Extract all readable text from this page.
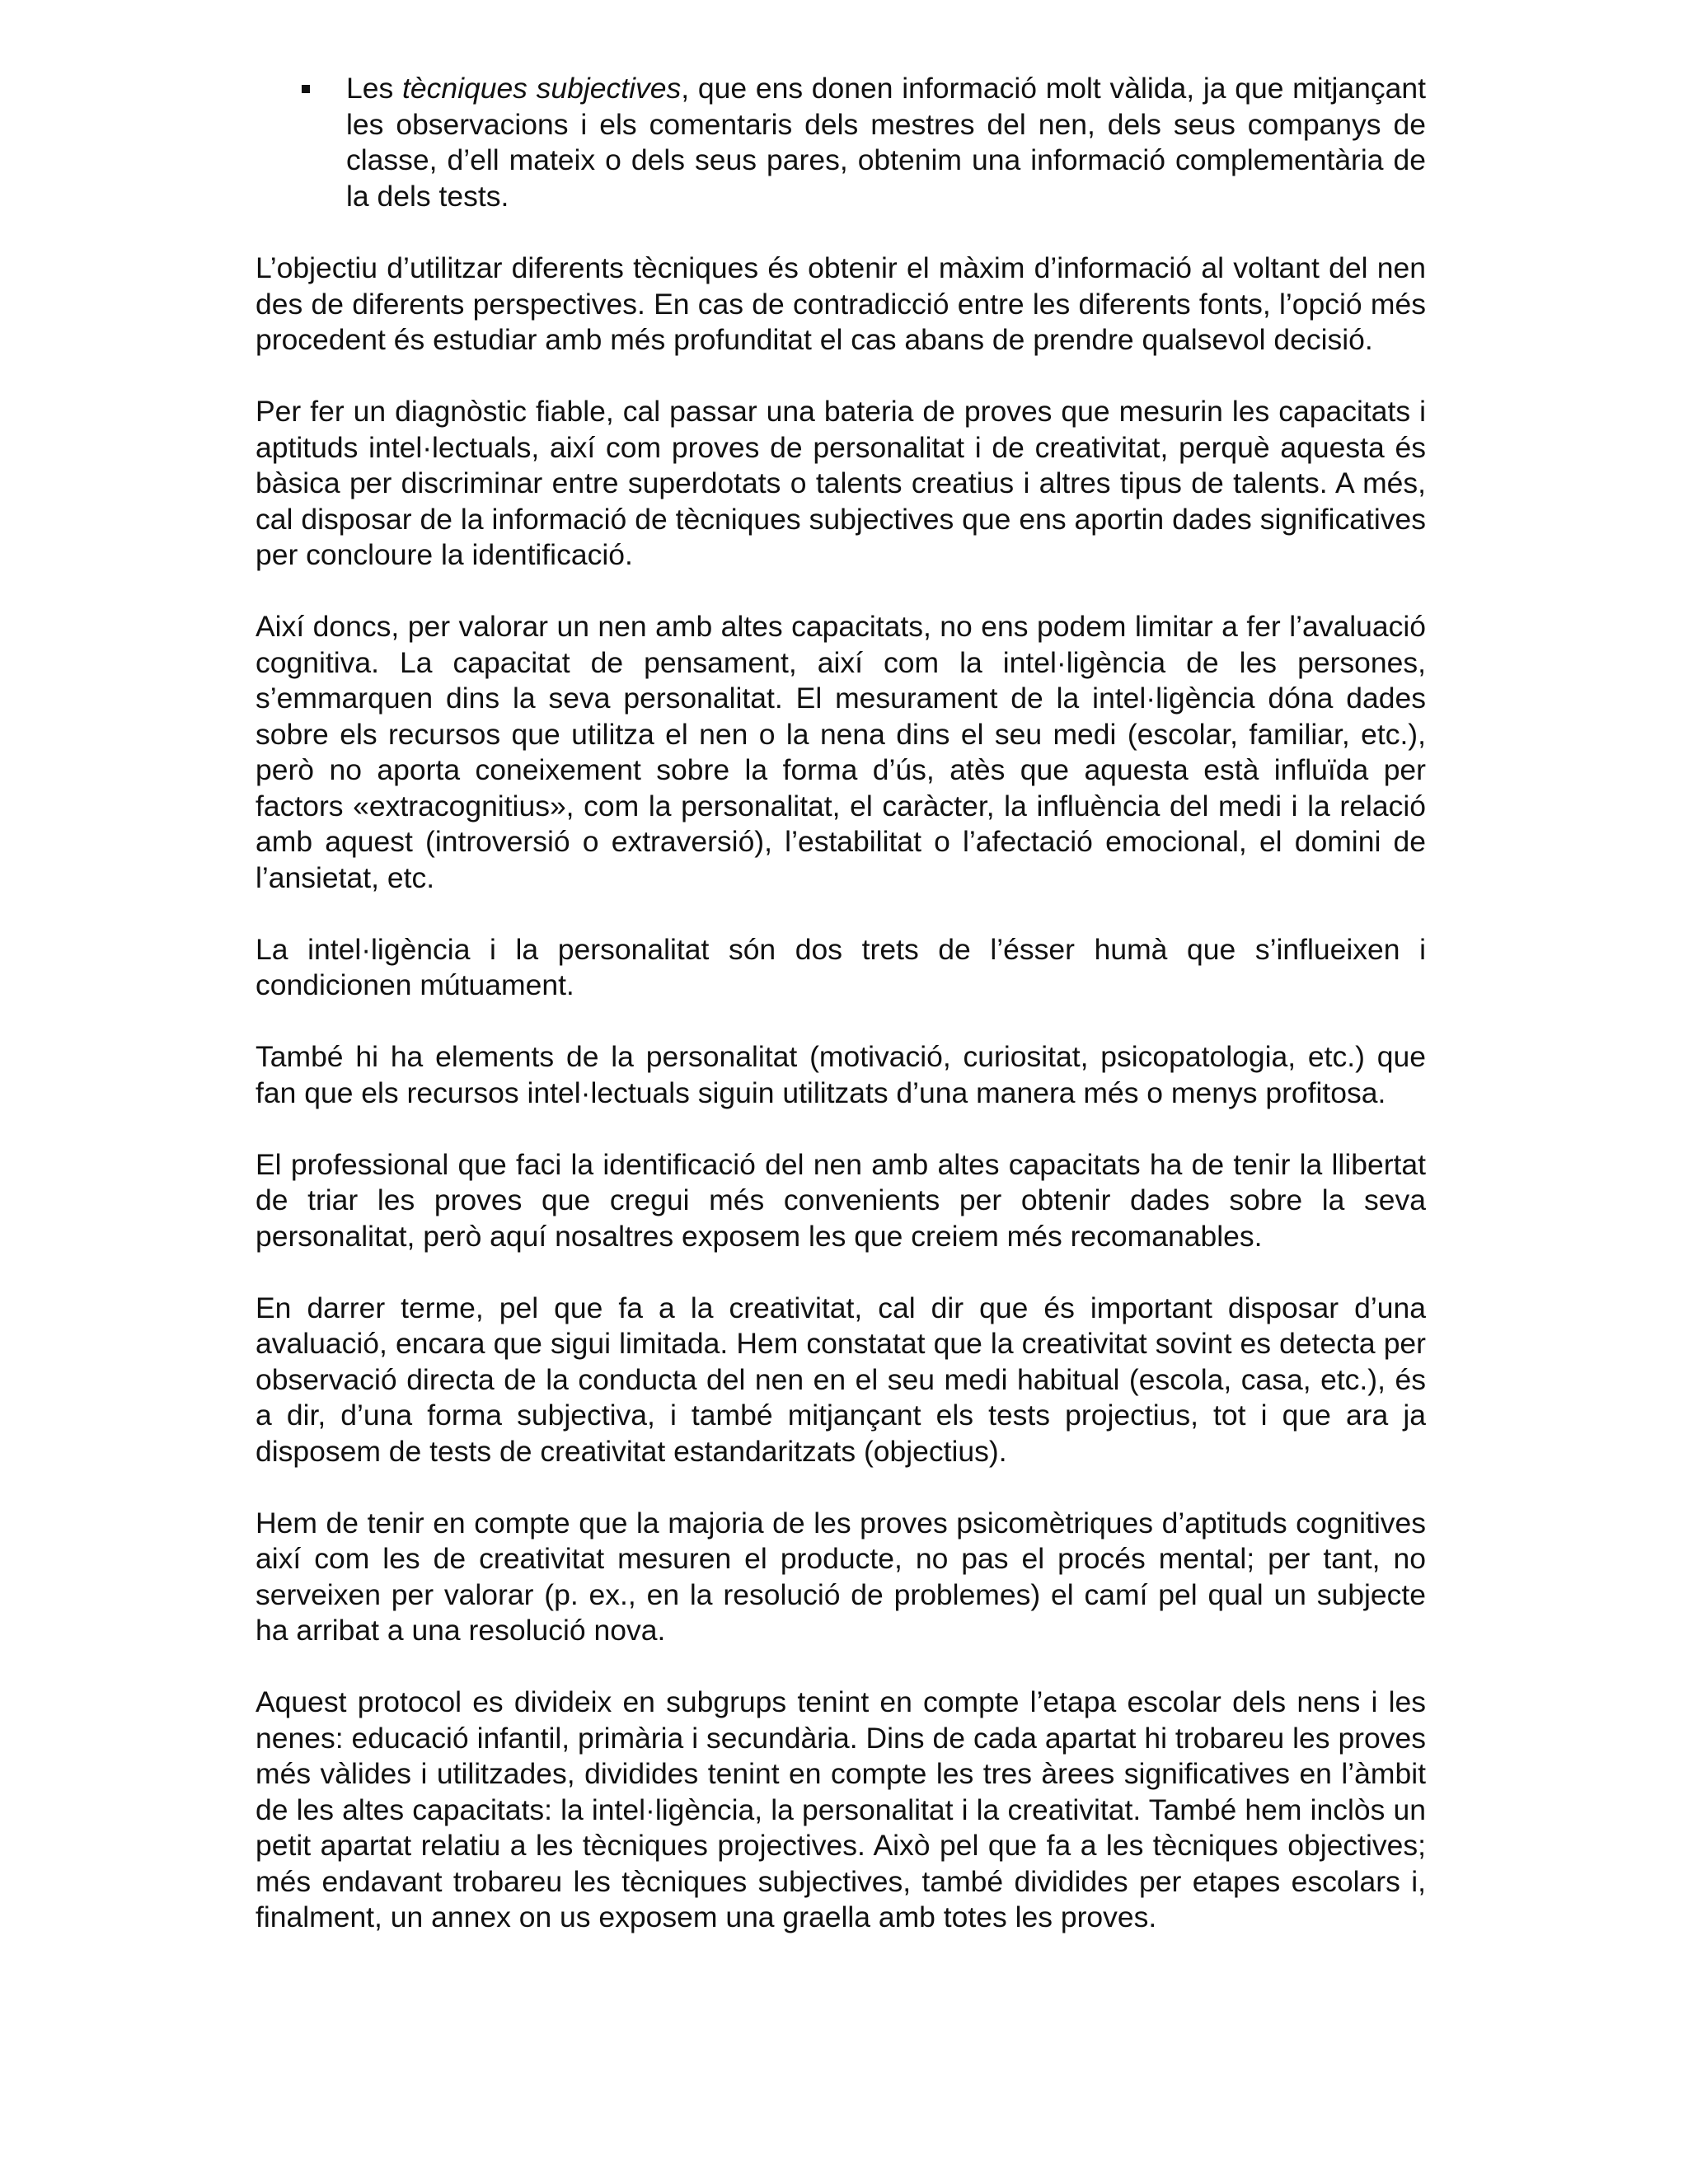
Les tècniques subjectives, que ens donen informació molt vàlida, ja que mitjançant les observacions i els comentaris dels mestres del nen, dels seus companys de classe, d’ell mateix o dels seus pares, obtenim una informació complementària de la dels tests.

L’objectiu d’utilitzar diferents tècniques és obtenir el màxim d’informació al voltant del nen des de diferents perspectives. En cas de contradicció entre les diferents fonts, l’opció més procedent és estudiar amb més profunditat el cas abans de prendre qualsevol decisió.

Per fer un diagnòstic fiable, cal passar una bateria de proves que mesurin les capacitats i aptituds intel·lectuals, així com proves de personalitat i de creativitat, perquè aquesta és bàsica per discriminar entre superdotats o talents creatius i altres tipus de talents. A més, cal disposar de la informació de tècniques subjectives que ens aportin dades significatives per concloure la identificació.

Així doncs, per valorar un nen amb altes capacitats, no ens podem limitar a fer l’avaluació cognitiva. La capacitat de pensament, així com la intel·ligència de les persones, s’emmarquen dins la seva personalitat. El mesurament de la intel·ligència dóna dades sobre els recursos que utilitza el nen o la nena dins el seu medi (escolar, familiar, etc.), però no aporta coneixement sobre la forma d’ús, atès que aquesta està influïda per factors «extracognitius», com la personalitat, el caràcter, la influència del medi i la relació amb aquest (introversió o extraversió), l’estabilitat o l’afectació emocional, el domini de l’ansietat, etc.

La intel·ligència i la personalitat són dos trets de l’ésser humà que s’influeixen i condicionen mútuament.

També hi ha elements de la personalitat (motivació, curiositat, psicopatologia, etc.) que fan que els recursos intel·lectuals siguin utilitzats d’una manera més o menys profitosa.

El professional que faci la identificació del nen amb altes capacitats ha de tenir la llibertat de triar les proves que cregui més convenients per obtenir dades sobre la seva personalitat, però aquí nosaltres exposem les que creiem més recomanables.

En darrer terme, pel que fa a la creativitat, cal dir que és important disposar d’una avaluació, encara que sigui limitada. Hem constatat que la creativitat sovint es detecta per observació directa de la conducta del nen en el seu medi habitual (escola, casa, etc.), és a dir, d’una forma subjectiva, i també mitjançant els tests projectius, tot i que ara ja disposem de tests de creativitat estandaritzats (objectius).

Hem de tenir en compte que la majoria de les proves psicomètriques d’aptituds cognitives així com les de creativitat mesuren el producte, no pas el procés mental; per tant, no serveixen per valorar (p. ex., en la resolució de problemes) el camí pel qual un subjecte ha arribat a una resolució nova.

Aquest protocol es divideix en subgrups tenint en compte l’etapa escolar dels nens i les nenes: educació infantil, primària i secundària. Dins de cada apartat hi trobareu les proves més vàlides i utilitzades, dividides tenint en compte les tres àrees significatives en l’àmbit de les altes capacitats: la intel·ligència, la personalitat i la creativitat. També hem inclòs un petit apartat relatiu a les tècniques projectives. Això pel que fa a les tècniques objectives; més endavant trobareu les tècniques subjectives, també dividides per etapes escolars i, finalment, un annex on us exposem una graella amb totes les proves.
